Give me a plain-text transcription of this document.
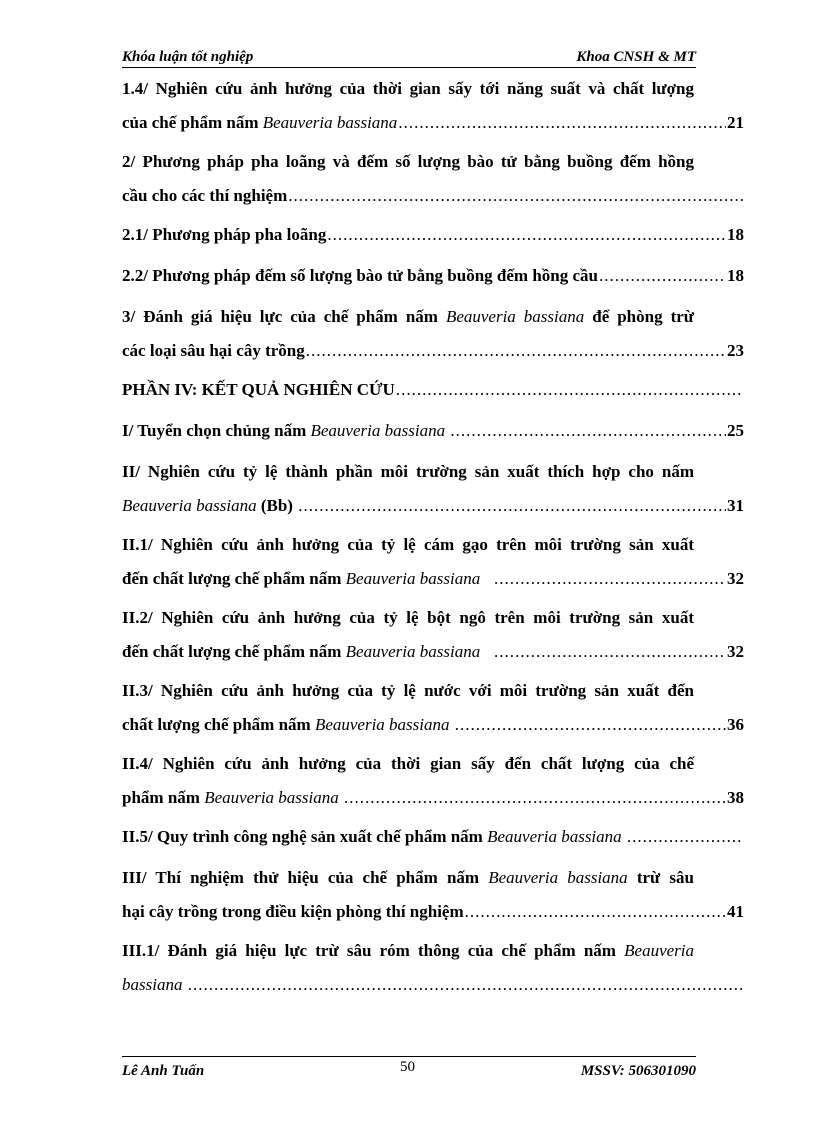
Khóa luận tốt nghiệp	Khoa CNSH & MT
1.4/ Nghiên cứu ảnh hưởng của thời gian sấy tới năng suất và chất lượng
của chế phẩm nấm Beauveria bassiana .....	21
2/ Phương pháp pha loãng và đếm số lượng bào tử bằng buồng đếm hồng
cầu cho các thí nghiệm
.....
2.1/ Phương pháp pha loãng .....	18
2.2/ Phương pháp đếm số lượng bào tử bằng buồng đếm hồng cầu .....	18
3/ Đánh giá hiệu lực của chế phẩm nấm Beauveria bassiana để phòng trừ
các loại sâu hại cây trồng .....	23
PHẦN IV: KẾT QUẢ NGHIÊN CỨU
.....
I/ Tuyển chọn chủng nấm Beauveria bassiana .....	25
II/ Nghiên cứu tỷ lệ thành phần môi trường sản xuất thích hợp cho nấm
Beauveria bassiana (Bb) .....	31
II.1/ Nghiên cứu ảnh hưởng của tỷ lệ cám gạo trên môi trường sản xuất
đến chất lượng chế phẩm nấm Beauveria bassiana .....	32
II.2/ Nghiên cứu ảnh hưởng của tỷ lệ bột ngô trên môi trường sản xuất
đến chất lượng chế phẩm nấm Beauveria bassiana .....	32
II.3/ Nghiên cứu ảnh hưởng của tỷ lệ nước với môi trường sản xuất đến
chất lượng chế phẩm nấm Beauveria bassiana .....	36
II.4/ Nghiên cứu ảnh hưởng của thời gian sấy đến chất lượng của chế
phẩm nấm Beauveria bassiana .....	38
II.5/ Quy trình công nghệ sản xuất chế phẩm nấm Beauveria bassiana
.....
III/ Thí nghiệm thử hiệu của chế phẩm nấm Beauveria bassiana trừ sâu
hại cây trồng trong điều kiện phòng thí nghiệm .....	41
III.1/ Đánh giá hiệu lực trừ sâu róm thông của chế phẩm nấm Beauveria
bassiana
.....
Lê Anh Tuấn	50	MSSV: 506301090
